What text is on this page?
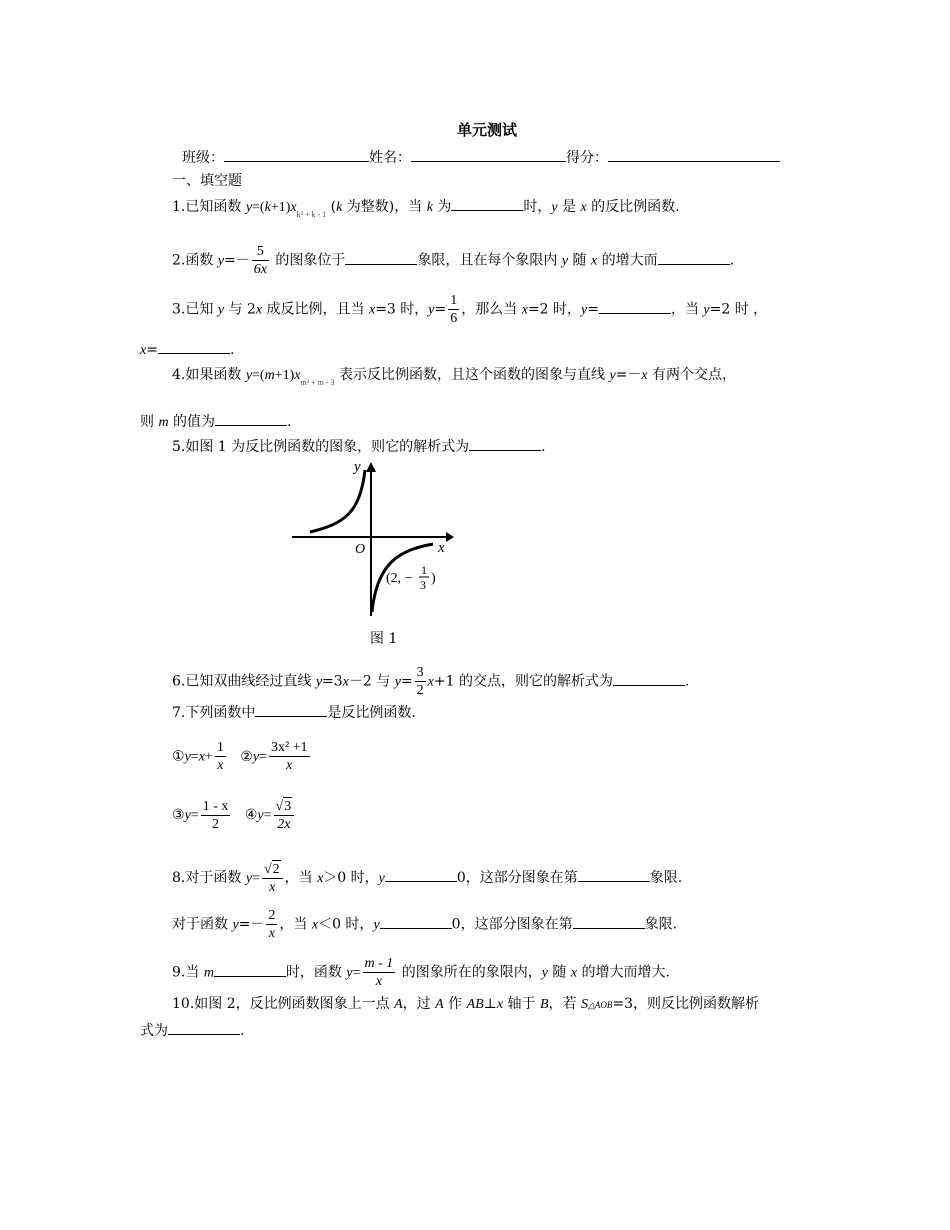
单元测试
班级：	姓名：	得分：
一、填空题
1.已知函数 $y=(k+1)x_{k^2 + k - 1}$ (k 为整数)，当 k 为	时，y 是 x 的反比例函数.
2.函数 $y=- \frac{5}{6x}$ 的图象位于	象限，且在每个象限内 y 随 x 的增大而	.
3.已知 y 与 2x 成反比例，且当 x=3 时，$y= \frac{1}{6}$ ，那么当 x=2 时，y=	，当 y=2 时 ，
x=	.
4.如果函数 $y=(m+1)x_{m^2 + m - 3}$ 表示反比例函数，且这个函数的图象与直线 y=－x 有两个交点，
则 m 的值为	.
5.如图 1 为反比例函数的图象，则它的解析式为	.
y
x
O
(2, −
1
3 )
图 1
6.已知双曲线经过直线 y=3x－2 与 $y= \frac{3}{2} x+1$ 的交点，则它的解析式为	.
7.下列函数中	是反比例函数.
①y=x+ $\frac{1}{x}$ ②y= $\frac{\text{3x² +1}}{x}$
③y= $\frac{1 - x}{2}$ ④y= $\frac{√3}{2x}$
8.对于函数 $y= \frac{√2}{x}$ ，当 x＞0 时，y	0，这部分图象在第	象限.
对于函数 $y=- \frac{2}{x}$ ，当 x＜0 时，y	0，这部分图象在第	象限.
9.当 m	时，函数 $y= \frac{m - 1}{x}$ 的图象所在的象限内，y 随 x 的增大而增大.
10.如图 2，反比例函数图象上一点 A，过 A 作 AB⊥x 轴于 B，若 S△AOB=3，则反比例函数解析
式为	.
